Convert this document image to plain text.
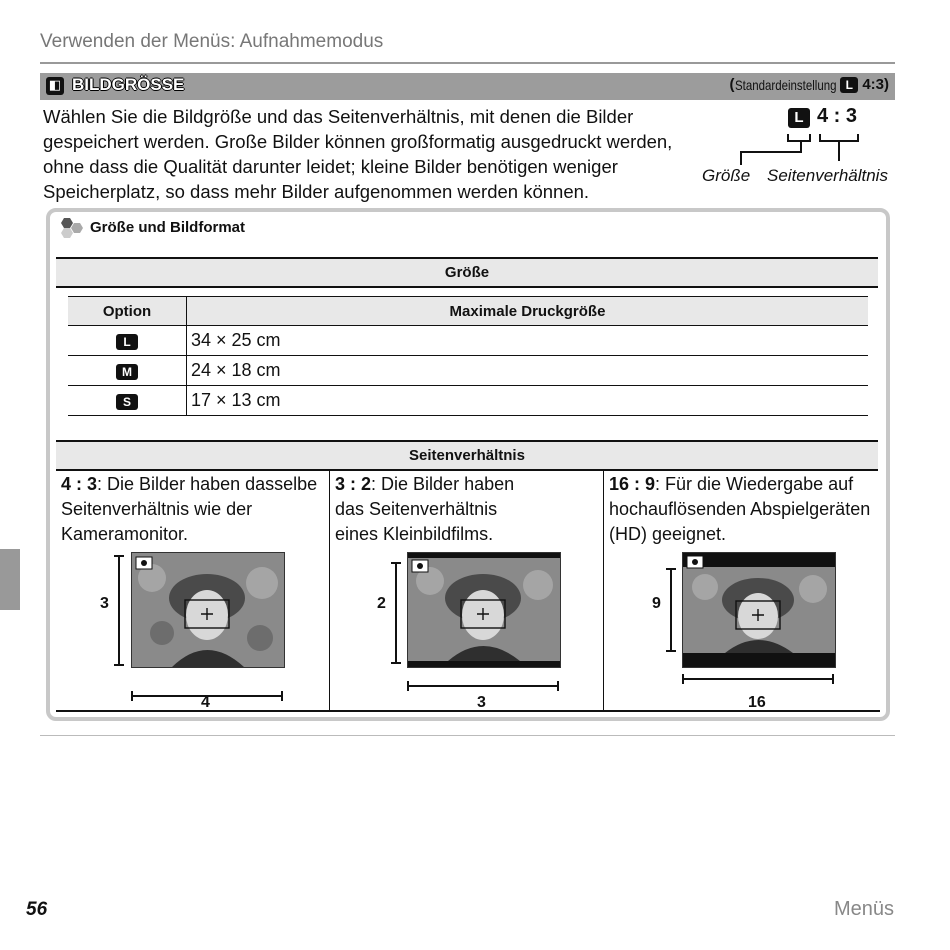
Verwenden der Menüs: Aufnahmemodus
◧ BILDGRÖSSE	( Standardeinstellung L 4:3 )
Wählen Sie die Bildgröße und das Seitenverhältnis, mit denen die Bilder gespeichert werden. Große Bilder können großformatig ausgedruckt werden, ohne dass die Qualität darunter leidet; kleine Bilder benötigen weniger Speicherplatz, so dass mehr Bilder aufgenommen werden können.
L 4 : 3
Größe Seitenverhältnis
Größe und Bildformat
Größe
Option	Maximale Druckgröße
L	34 × 25 cm
M	24 × 18 cm
S	17 × 13 cm
Seitenverhältnis
4 : 3: Die Bilder haben dasselbe Seitenverhältnis wie der Kameramonitor.
3
4
3 : 2: Die Bilder haben das Seitenverhältnis eines Kleinbildfilms.
2
3
16 : 9: Für die Wiedergabe auf hochauflösenden Abspielgeräten (HD) geeignet.
9
16
56	Menüs
